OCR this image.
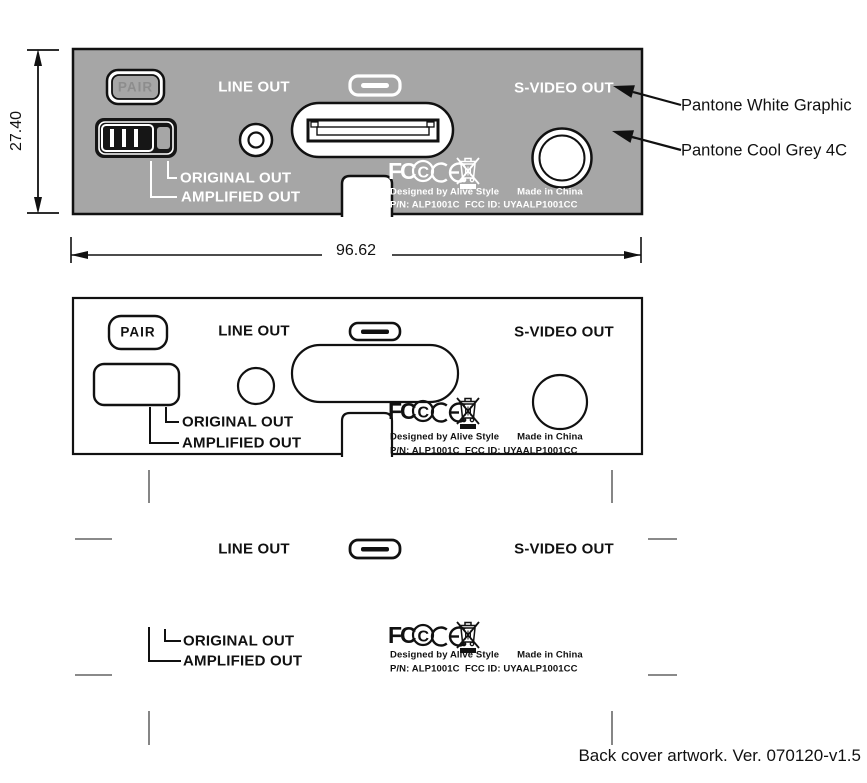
F
C C
F
C C
F
C C
27.40
96.62
PAIR	LINE OUT	S-VIDEO OUT
ORIGINAL OUT
AMPLIFIED OUT	Designed by Alive Style Made in China
P/N: ALP1001C  FCC ID: UYAALP1001CC
Pantone White Graphic
Pantone Cool Grey 4C
PAIR	LINE OUT	S-VIDEO OUT
ORIGINAL OUT
AMPLIFIED OUT	Designed by Alive Style Made in China
P/N: ALP1001C  FCC ID: UYAALP1001CC
LINE OUT	S-VIDEO OUT
ORIGINAL OUT
AMPLIFIED OUT	Designed by Alive Style Made in China
P/N: ALP1001C  FCC ID: UYAALP1001CC
Back cover artwork. Ver. 070120-v1.5
